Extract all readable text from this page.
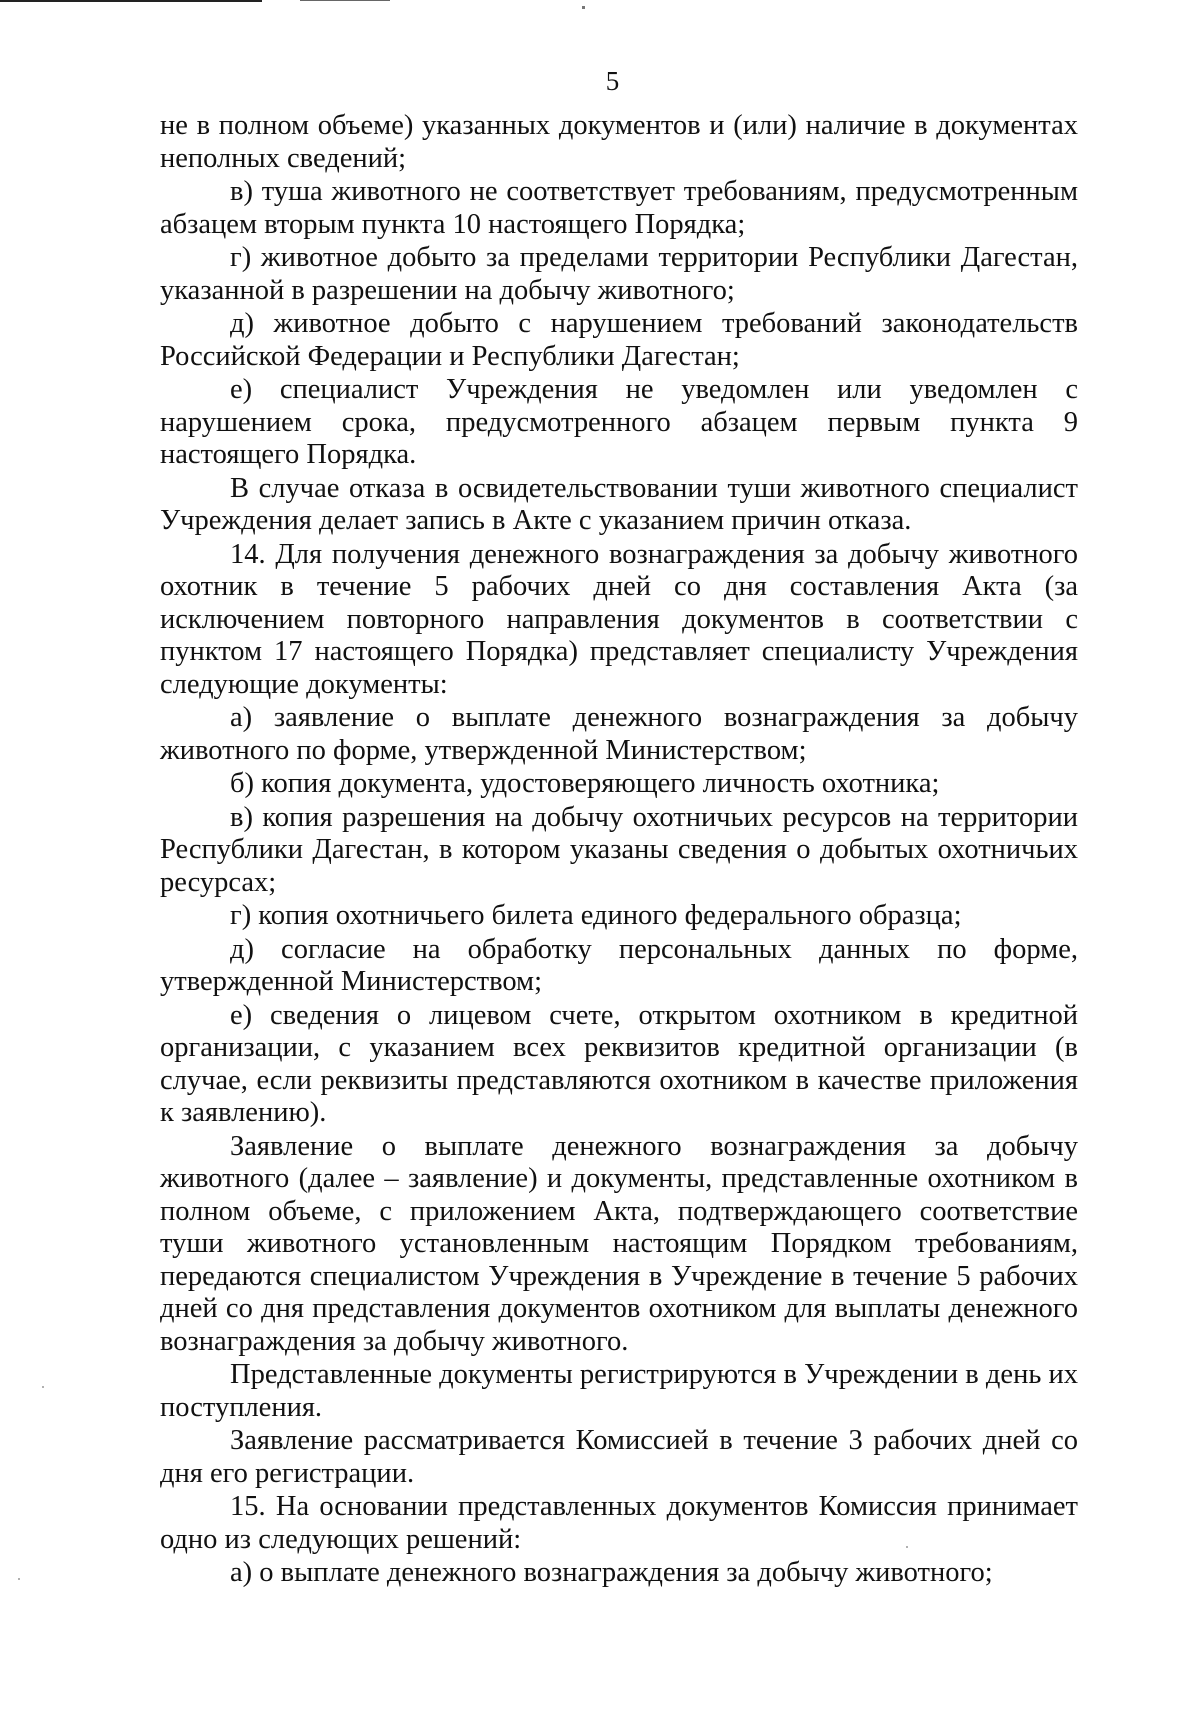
5

не в полном объеме) указанных документов и (или) наличие в документах неполных сведений;

в) туша животного не соответствует требованиям, предусмотренным абзацем вторым пункта 10 настоящего Порядка;

г) животное добыто за пределами территории Республики Дагестан, указанной в разрешении на добычу животного;

д) животное добыто с нарушением требований законодательств Российской Федерации и Республики Дагестан;

е) специалист Учреждения не уведомлен или уведомлен с нарушением срока, предусмотренного абзацем первым пункта 9 настоящего Порядка.

В случае отказа в освидетельствовании туши животного специалист Учреждения делает запись в Акте с указанием причин отказа.

14. Для получения денежного вознаграждения за добычу животного охотник в течение 5 рабочих дней со дня составления Акта (за исключением повторного направления документов в соответствии с пунктом 17 настоящего Порядка) представляет специалисту Учреждения следующие документы:

а) заявление о выплате денежного вознаграждения за добычу животного по форме, утвержденной Министерством;

б) копия документа, удостоверяющего личность охотника;

в) копия разрешения на добычу охотничьих ресурсов на территории Республики Дагестан, в котором указаны сведения о добытых охотничьих ресурсах;

г) копия охотничьего билета единого федерального образца;

д) согласие на обработку персональных данных по форме, утвержденной Министерством;

е) сведения о лицевом счете, открытом охотником в кредитной организации, с указанием всех реквизитов кредитной организации (в случае, если реквизиты представляются охотником в качестве приложения к заявлению).

Заявление о выплате денежного вознаграждения за добычу животного (далее – заявление) и документы, представленные охотником в полном объеме, с приложением Акта, подтверждающего соответствие туши животного установленным настоящим Порядком требованиям, передаются специалистом Учреждения в Учреждение в течение 5 рабочих дней со дня представления документов охотником для выплаты денежного вознаграждения за добычу животного.

Представленные документы регистрируются в Учреждении в день их поступления.

Заявление рассматривается Комиссией в течение 3 рабочих дней со дня его регистрации.

15. На основании представленных документов Комиссия принимает одно из следующих решений:

а) о выплате денежного вознаграждения за добычу животного;
